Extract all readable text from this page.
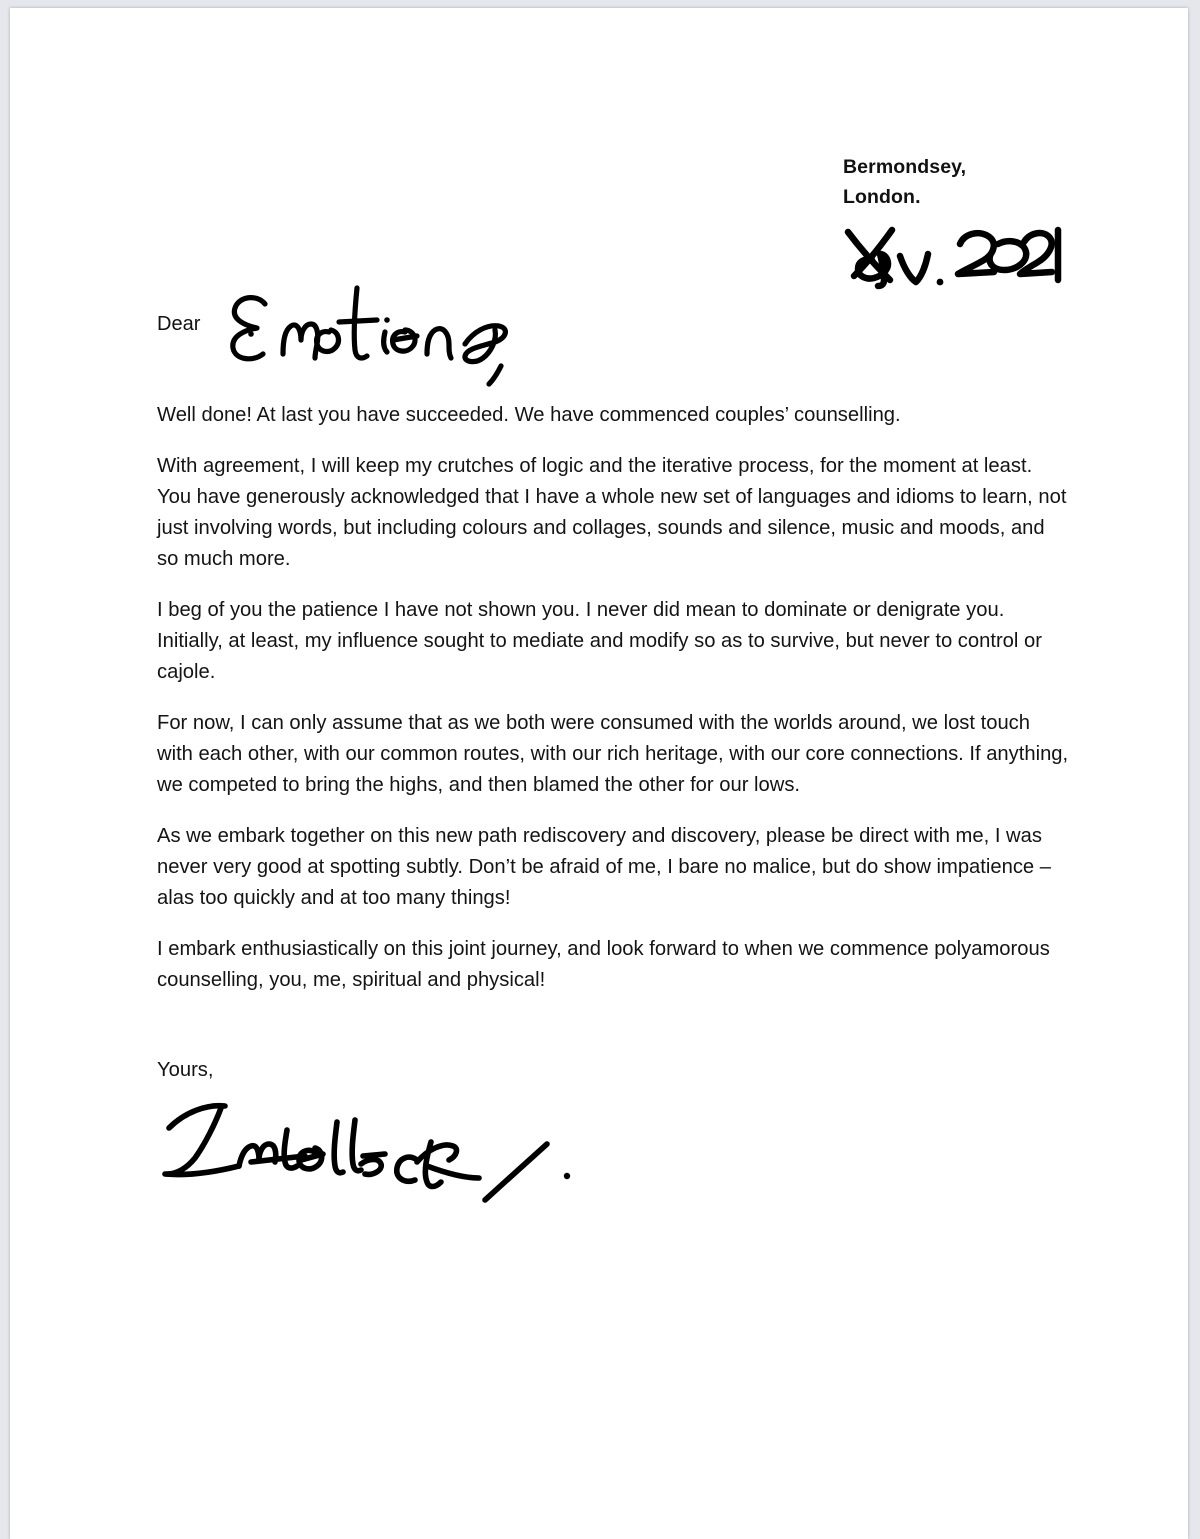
Bermondsey,
London.
Dear

Well done! At last you have succeeded. We have commenced couples’ counselling.

With agreement, I will keep my crutches of logic and the iterative process, for the moment at least. You have generously acknowledged that I have a whole new set of languages and idioms to learn, not just involving words, but including colours and collages, sounds and silence, music and moods, and so much more.

I beg of you the patience I have not shown you. I never did mean to dominate or denigrate you. Initially, at least, my influence sought to mediate and modify so as to survive, but never to control or cajole.

For now, I can only assume that as we both were consumed with the worlds around, we lost touch with each other, with our common routes, with our rich heritage, with our core connections. If anything, we competed to bring the highs, and then blamed the other for our lows.

As we embark together on this new path rediscovery and discovery, please be direct with me, I was never very good at spotting subtly. Don’t be afraid of me, I bare no malice, but do show impatience – alas too quickly and at too many things!

I embark enthusiastically on this joint journey, and look forward to when we commence polyamorous counselling, you, me, spiritual and physical!

Yours,
